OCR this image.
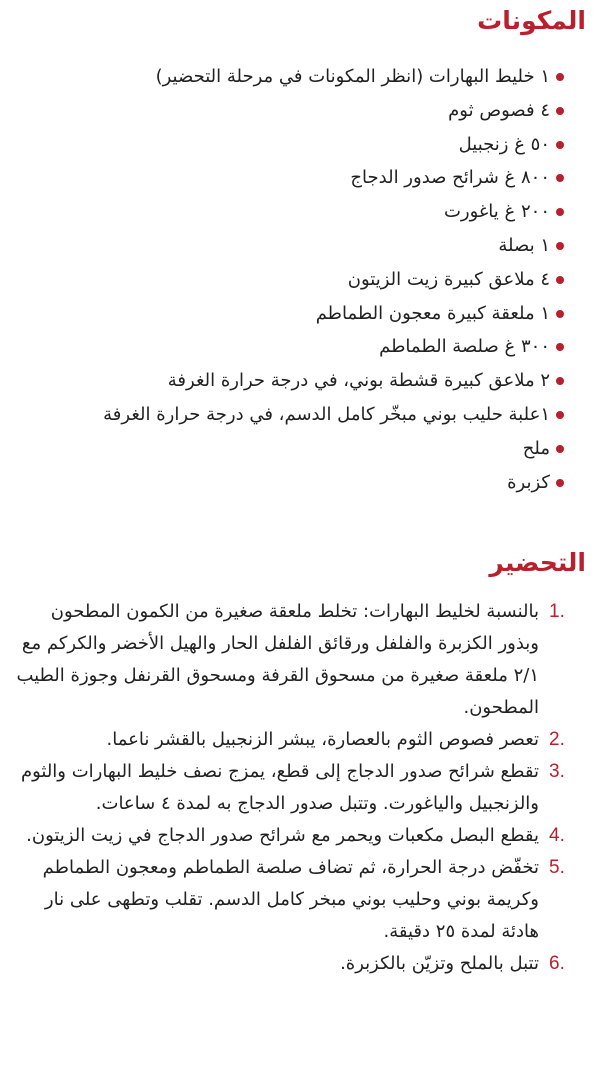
المكونات
١ خليط البهارات (انظر المكونات في مرحلة التحضير)
٤ فصوص ثوم
٥٠ غ زنجبيل
٨٠٠ غ شرائح صدور الدجاج
٢٠٠ غ ياغورت
١ بصلة
٤ ملاعق كبيرة زيت الزيتون
١ ملعقة كبيرة معجون الطماطم
٣٠٠ غ صلصة الطماطم
٢ ملاعق كبيرة قشطة بوني، في درجة حرارة الغرفة
١علبة حليب بوني مبخّر كامل الدسم، في درجة حرارة الغرفة
ملح
كزبرة
التحضير
1.
بالنسبة لخليط البهارات: تخلط ملعقة صغيرة من الكمون المطحون وبذور الكزبرة والفلفل ورقائق الفلفل الحار والهيل الأخضر والكركم مع ٢/١ ملعقة صغيرة من مسحوق القرفة ومسحوق القرنفل وجوزة الطيب المطحون.
2.
تعصر فصوص الثوم بالعصارة، يبشر الزنجبيل بالقشر ناعما.
3.
تقطع شرائح صدور الدجاج إلى قطع، يمزج نصف خليط البهارات والثوم والزنجبيل والياغورت. وتتبل صدور الدجاج به لمدة ٤ ساعات.
4.
يقطع البصل مكعبات ويحمر مع شرائح صدور الدجاج في زيت الزيتون.
5.
تخفّض درجة الحرارة، ثم تضاف صلصة الطماطم ومعجون الطماطم وكريمة بوني وحليب بوني مبخر كامل الدسم. تقلب وتطهى على نار هادئة لمدة ٢٥ دقيقة.
6.
تتبل بالملح وتزيّن بالكزبرة.
